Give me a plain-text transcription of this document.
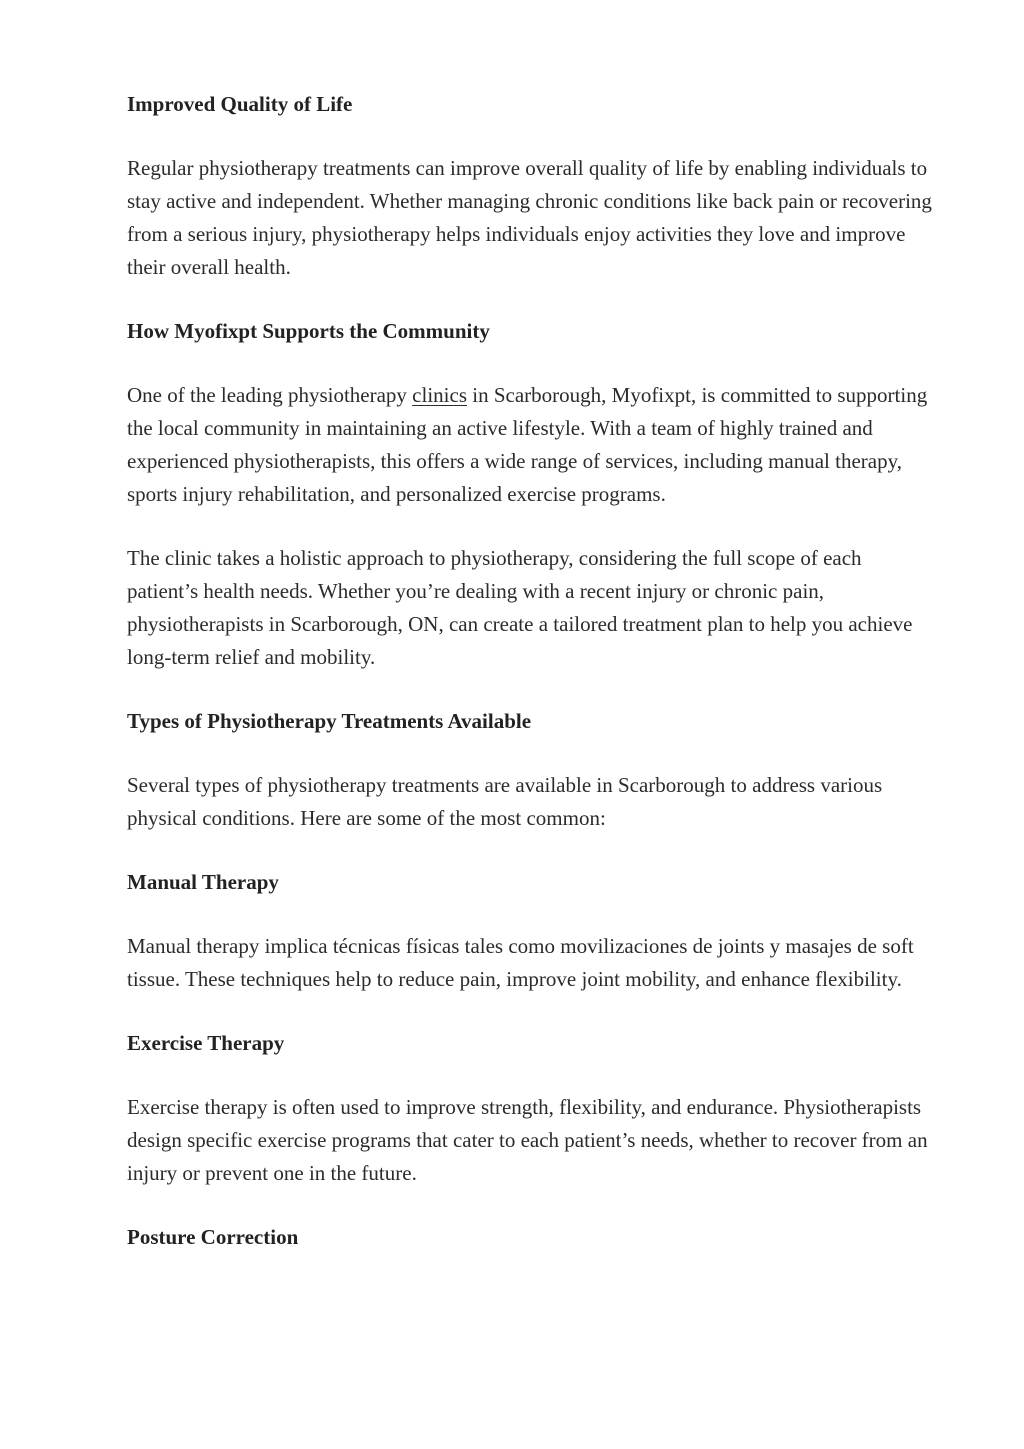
Improved Quality of Life

Regular physiotherapy treatments can improve overall quality of life by enabling individuals to stay active and independent. Whether managing chronic conditions like back pain or recovering from a serious injury, physiotherapy helps individuals enjoy activities they love and improve their overall health.

How Myofixpt Supports the Community

One of the leading physiotherapy clinics in Scarborough, Myofixpt, is committed to supporting the local community in maintaining an active lifestyle. With a team of highly trained and experienced physiotherapists, this offers a wide range of services, including manual therapy, sports injury rehabilitation, and personalized exercise programs.

The clinic takes a holistic approach to physiotherapy, considering the full scope of each patient’s health needs. Whether you’re dealing with a recent injury or chronic pain, physiotherapists in Scarborough, ON, can create a tailored treatment plan to help you achieve long-term relief and mobility.

Types of Physiotherapy Treatments Available

Several types of physiotherapy treatments are available in Scarborough to address various physical conditions. Here are some of the most common:

Manual Therapy

Manual therapy implica técnicas físicas tales como movilizaciones de joints y masajes de soft tissue. These techniques help to reduce pain, improve joint mobility, and enhance flexibility.

Exercise Therapy

Exercise therapy is often used to improve strength, flexibility, and endurance. Physiotherapists design specific exercise programs that cater to each patient’s needs, whether to recover from an injury or prevent one in the future.

Posture Correction
